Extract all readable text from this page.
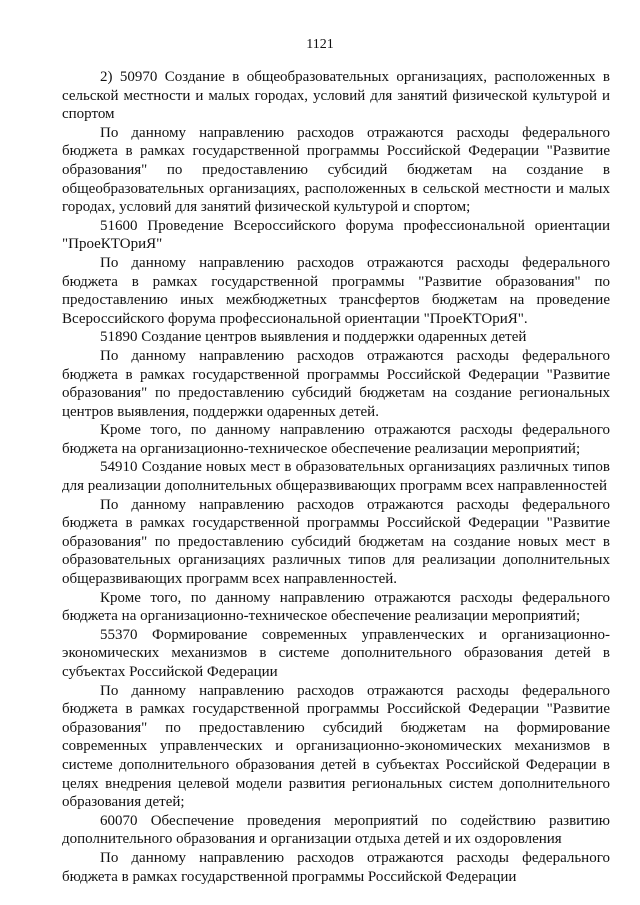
1121

2) 50970 Создание в общеобразовательных организациях, расположенных в сельской местности и малых городах, условий для занятий физической культурой и спортом

По данному направлению расходов отражаются расходы федерального бюджета в рамках государственной программы Российской Федерации "Развитие образования" по предоставлению субсидий бюджетам на создание в общеобразовательных организациях, расположенных в сельской местности и малых городах, условий для занятий физической культурой и спортом;

51600 Проведение Всероссийского форума профессиональной ориентации "ПроеКТОриЯ"

По данному направлению расходов отражаются расходы федерального бюджета в рамках государственной программы "Развитие образования" по предоставлению иных межбюджетных трансфертов бюджетам на проведение Всероссийского форума профессиональной ориентации "ПроеКТОриЯ".

51890 Создание центров выявления и поддержки одаренных детей

По данному направлению расходов отражаются расходы федерального бюджета в рамках государственной программы Российской Федерации "Развитие образования" по предоставлению субсидий бюджетам на создание региональных центров выявления, поддержки одаренных детей.

Кроме того, по данному направлению отражаются расходы федерального бюджета на организационно-техническое обеспечение реализации мероприятий;

54910 Создание новых мест в образовательных организациях различных типов для реализации дополнительных общеразвивающих программ всех направленностей

По данному направлению расходов отражаются расходы федерального бюджета в рамках государственной программы Российской Федерации "Развитие образования" по предоставлению субсидий бюджетам на создание новых мест в образовательных организациях различных типов для реализации дополнительных общеразвивающих программ всех направленностей.

Кроме того, по данному направлению отражаются расходы федерального бюджета на организационно-техническое обеспечение реализации мероприятий;

55370 Формирование современных управленческих и организационно-экономических механизмов в системе дополнительного образования детей в субъектах Российской Федерации

По данному направлению расходов отражаются расходы федерального бюджета в рамках государственной программы Российской Федерации "Развитие образования" по предоставлению субсидий бюджетам на формирование современных управленческих и организационно-экономических механизмов в системе дополнительного образования детей в субъектах Российской Федерации в целях внедрения целевой модели развития региональных систем дополнительного образования детей;

60070 Обеспечение проведения мероприятий по содействию развитию дополнительного образования и организации отдыха детей и их оздоровления

По данному направлению расходов отражаются расходы федерального бюджета в рамках государственной программы Российской Федерации
